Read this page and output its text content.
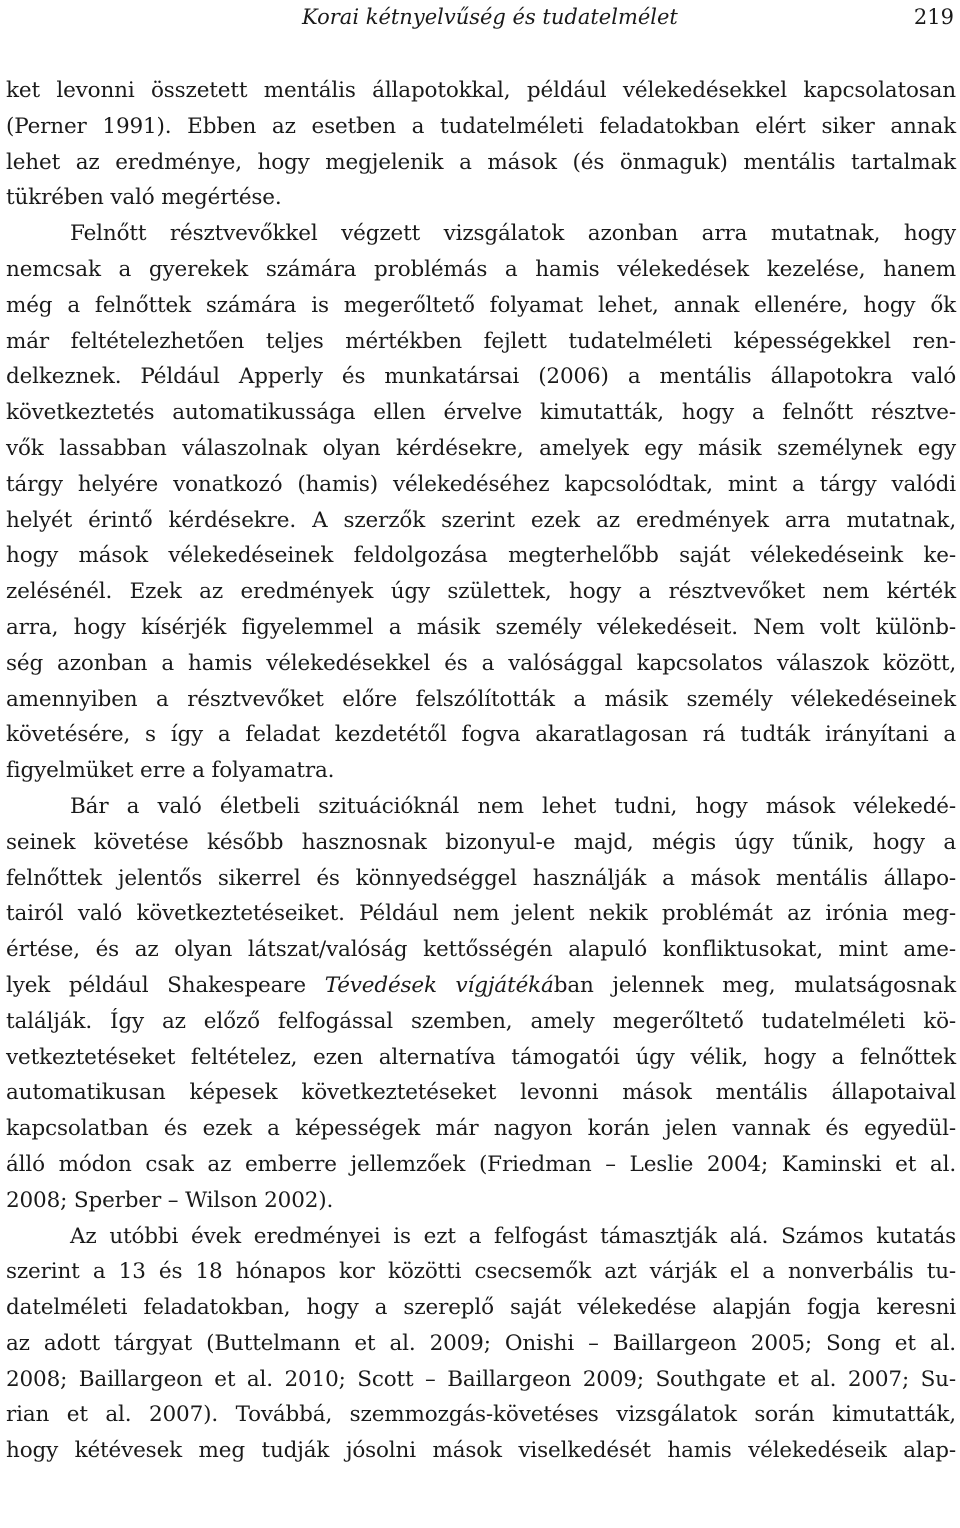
Korai kétnyelvűség és tudatelmélet	219
ket levonni összetett mentális állapotokkal, például vélekedésekkel kapcsolatosan
(Perner 1991). Ebben az esetben a tudatelméleti feladatokban elért siker annak
lehet az eredménye, hogy megjelenik a mások (és önmaguk) mentális tartalmak
tükrében való megértése.
Felnőtt résztvevőkkel végzett vizsgálatok azonban arra mutatnak, hogy
nemcsak a gyerekek számára problémás a hamis vélekedések kezelése, hanem
még a felnőttek számára is megerőltető folyamat lehet, annak ellenére, hogy ők
már feltételezhetően teljes mértékben fejlett tudatelméleti képességekkel ren-
delkeznek. Például Apperly és munkatársai (2006) a mentális állapotokra való
következtetés automatikussága ellen érvelve kimutatták, hogy a felnőtt résztve-
vők lassabban válaszolnak olyan kérdésekre, amelyek egy másik személynek egy
tárgy helyére vonatkozó (hamis) vélekedéséhez kapcsolódtak, mint a tárgy valódi
helyét érintő kérdésekre. A szerzők szerint ezek az eredmények arra mutatnak,
hogy mások vélekedéseinek feldolgozása megterhelőbb saját vélekedéseink ke-
zelésénél. Ezek az eredmények úgy születtek, hogy a résztvevőket nem kérték
arra, hogy kísérjék figyelemmel a másik személy vélekedéseit. Nem volt különb-
ség azonban a hamis vélekedésekkel és a valósággal kapcsolatos válaszok között,
amennyiben a résztvevőket előre felszólították a másik személy vélekedéseinek
követésére, s így a feladat kezdetétől fogva akaratlagosan rá tudták irányítani a
figyelmüket erre a folyamatra.
Bár a való életbeli szituációknál nem lehet tudni, hogy mások vélekedé-
seinek követése később hasznosnak bizonyul-e majd, mégis úgy tűnik, hogy a
felnőttek jelentős sikerrel és könnyedséggel használják a mások mentális állapo-
tairól való következtetéseiket. Például nem jelent nekik problémát az irónia meg-
értése, és az olyan látszat/valóság kettősségén alapuló konfliktusokat, mint ame-
lyek például Shakespeare Tévedések vígjátékában jelennek meg, mulatságosnak
találják. Így az előző felfogással szemben, amely megerőltető tudatelméleti kö-
vetkeztetéseket feltételez, ezen alternatíva támogatói úgy vélik, hogy a felnőttek
automatikusan képesek következtetéseket levonni mások mentális állapotaival
kapcsolatban és ezek a képességek már nagyon korán jelen vannak és egyedül-
álló módon csak az emberre jellemzőek (Friedman – Leslie 2004; Kaminski et al.
2008; Sperber – Wilson 2002).
Az utóbbi évek eredményei is ezt a felfogást támasztják alá. Számos kutatás
szerint a 13 és 18 hónapos kor közötti csecsemők azt várják el a nonverbális tu-
datelméleti feladatokban, hogy a szereplő saját vélekedése alapján fogja keresni
az adott tárgyat (Buttelmann et al. 2009; Onishi – Baillargeon 2005; Song et al.
2008; Baillargeon et al. 2010; Scott – Baillargeon 2009; Southgate et al. 2007; Su-
rian et al. 2007). Továbbá, szemmozgás-követéses vizsgálatok során kimutatták,
hogy kétévesek meg tudják jósolni mások viselkedését hamis vélekedéseik alap-
